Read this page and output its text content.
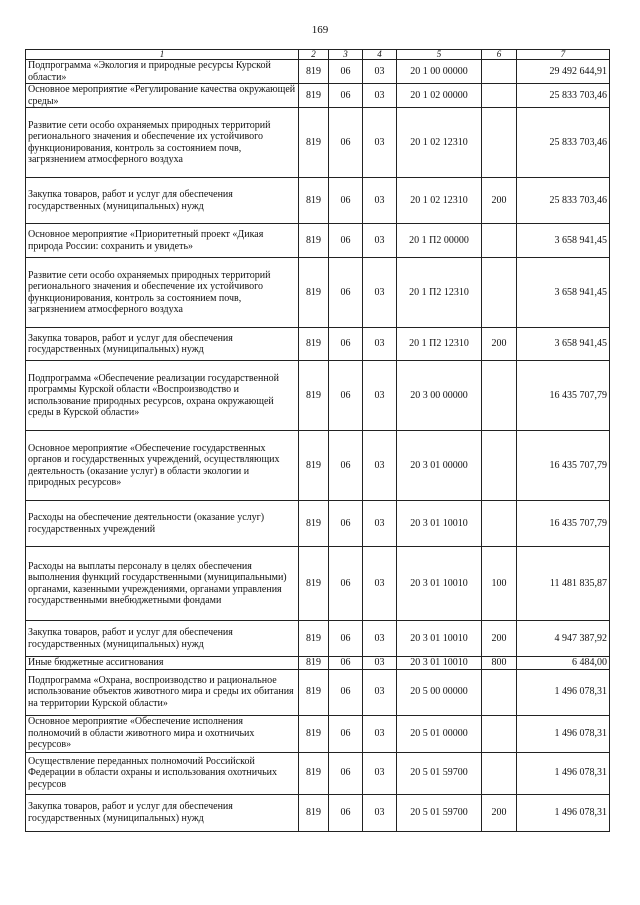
169
1	2	3	4	5	6	7
Подпрограмма «Экология и природные ресурсы Курской области»	819	06	03	20 1 00 00000		29 492 644,91
Основное мероприятие «Регулирование качества окружающей среды»	819	06	03	20 1 02 00000		25 833 703,46
Развитие сети особо охраняемых природных территорий регионального значения и обеспечение их устойчивого функционирования, контроль за состоянием почв, загрязнением атмосферного воздуха	819	06	03	20 1 02 12310		25 833 703,46
Закупка товаров, работ и услуг для обеспечения государственных (муниципальных) нужд	819	06	03	20 1 02 12310	200	25 833 703,46
Основное мероприятие «Приоритетный проект «Дикая природа России: сохранить и увидеть»	819	06	03	20 1 П2 00000		3 658 941,45
Развитие сети особо охраняемых природных территорий регионального значения и обеспечение их устойчивого функционирования, контроль за состоянием почв, загрязнением атмосферного воздуха	819	06	03	20 1 П2 12310		3 658 941,45
Закупка товаров, работ и услуг для обеспечения государственных (муниципальных) нужд	819	06	03	20 1 П2 12310	200	3 658 941,45
Подпрограмма «Обеспечение реализации государственной программы Курской области «Воспроизводство и использование природных ресурсов, охрана окружающей среды в Курской области»	819	06	03	20 3 00 00000		16 435 707,79
Основное мероприятие «Обеспечение государственных органов и государственных учреждений, осуществляющих деятельность (оказание услуг) в области экологии и природных ресурсов»	819	06	03	20 3 01 00000		16 435 707,79
Расходы на обеспечение деятельности (оказание услуг) государственных учреждений	819	06	03	20 3 01 10010		16 435 707,79
Расходы на выплаты персоналу в целях обеспечения выполнения функций государственными (муниципальными) органами, казенными учреждениями, органами управления государственными внебюджетными фондами	819	06	03	20 3 01 10010	100	11 481 835,87
Закупка товаров, работ и услуг для обеспечения государственных (муниципальных) нужд	819	06	03	20 3 01 10010	200	4 947 387,92
Иные бюджетные ассигнования	819	06	03	20 3 01 10010	800	6 484,00
Подпрограмма «Охрана, воспроизводство и рациональное использование объектов животного мира и среды их обитания на территории Курской области»	819	06	03	20 5 00 00000		1 496 078,31
Основное мероприятие «Обеспечение исполнения полномочий в области животного мира и охотничьих ресурсов»	819	06	03	20 5 01 00000		1 496 078,31
Осуществление переданных полномочий Российской Федерации в области охраны и использования охотничьих ресурсов	819	06	03	20 5 01 59700		1 496 078,31
Закупка товаров, работ и услуг для обеспечения государственных (муниципальных) нужд	819	06	03	20 5 01 59700	200	1 496 078,31
